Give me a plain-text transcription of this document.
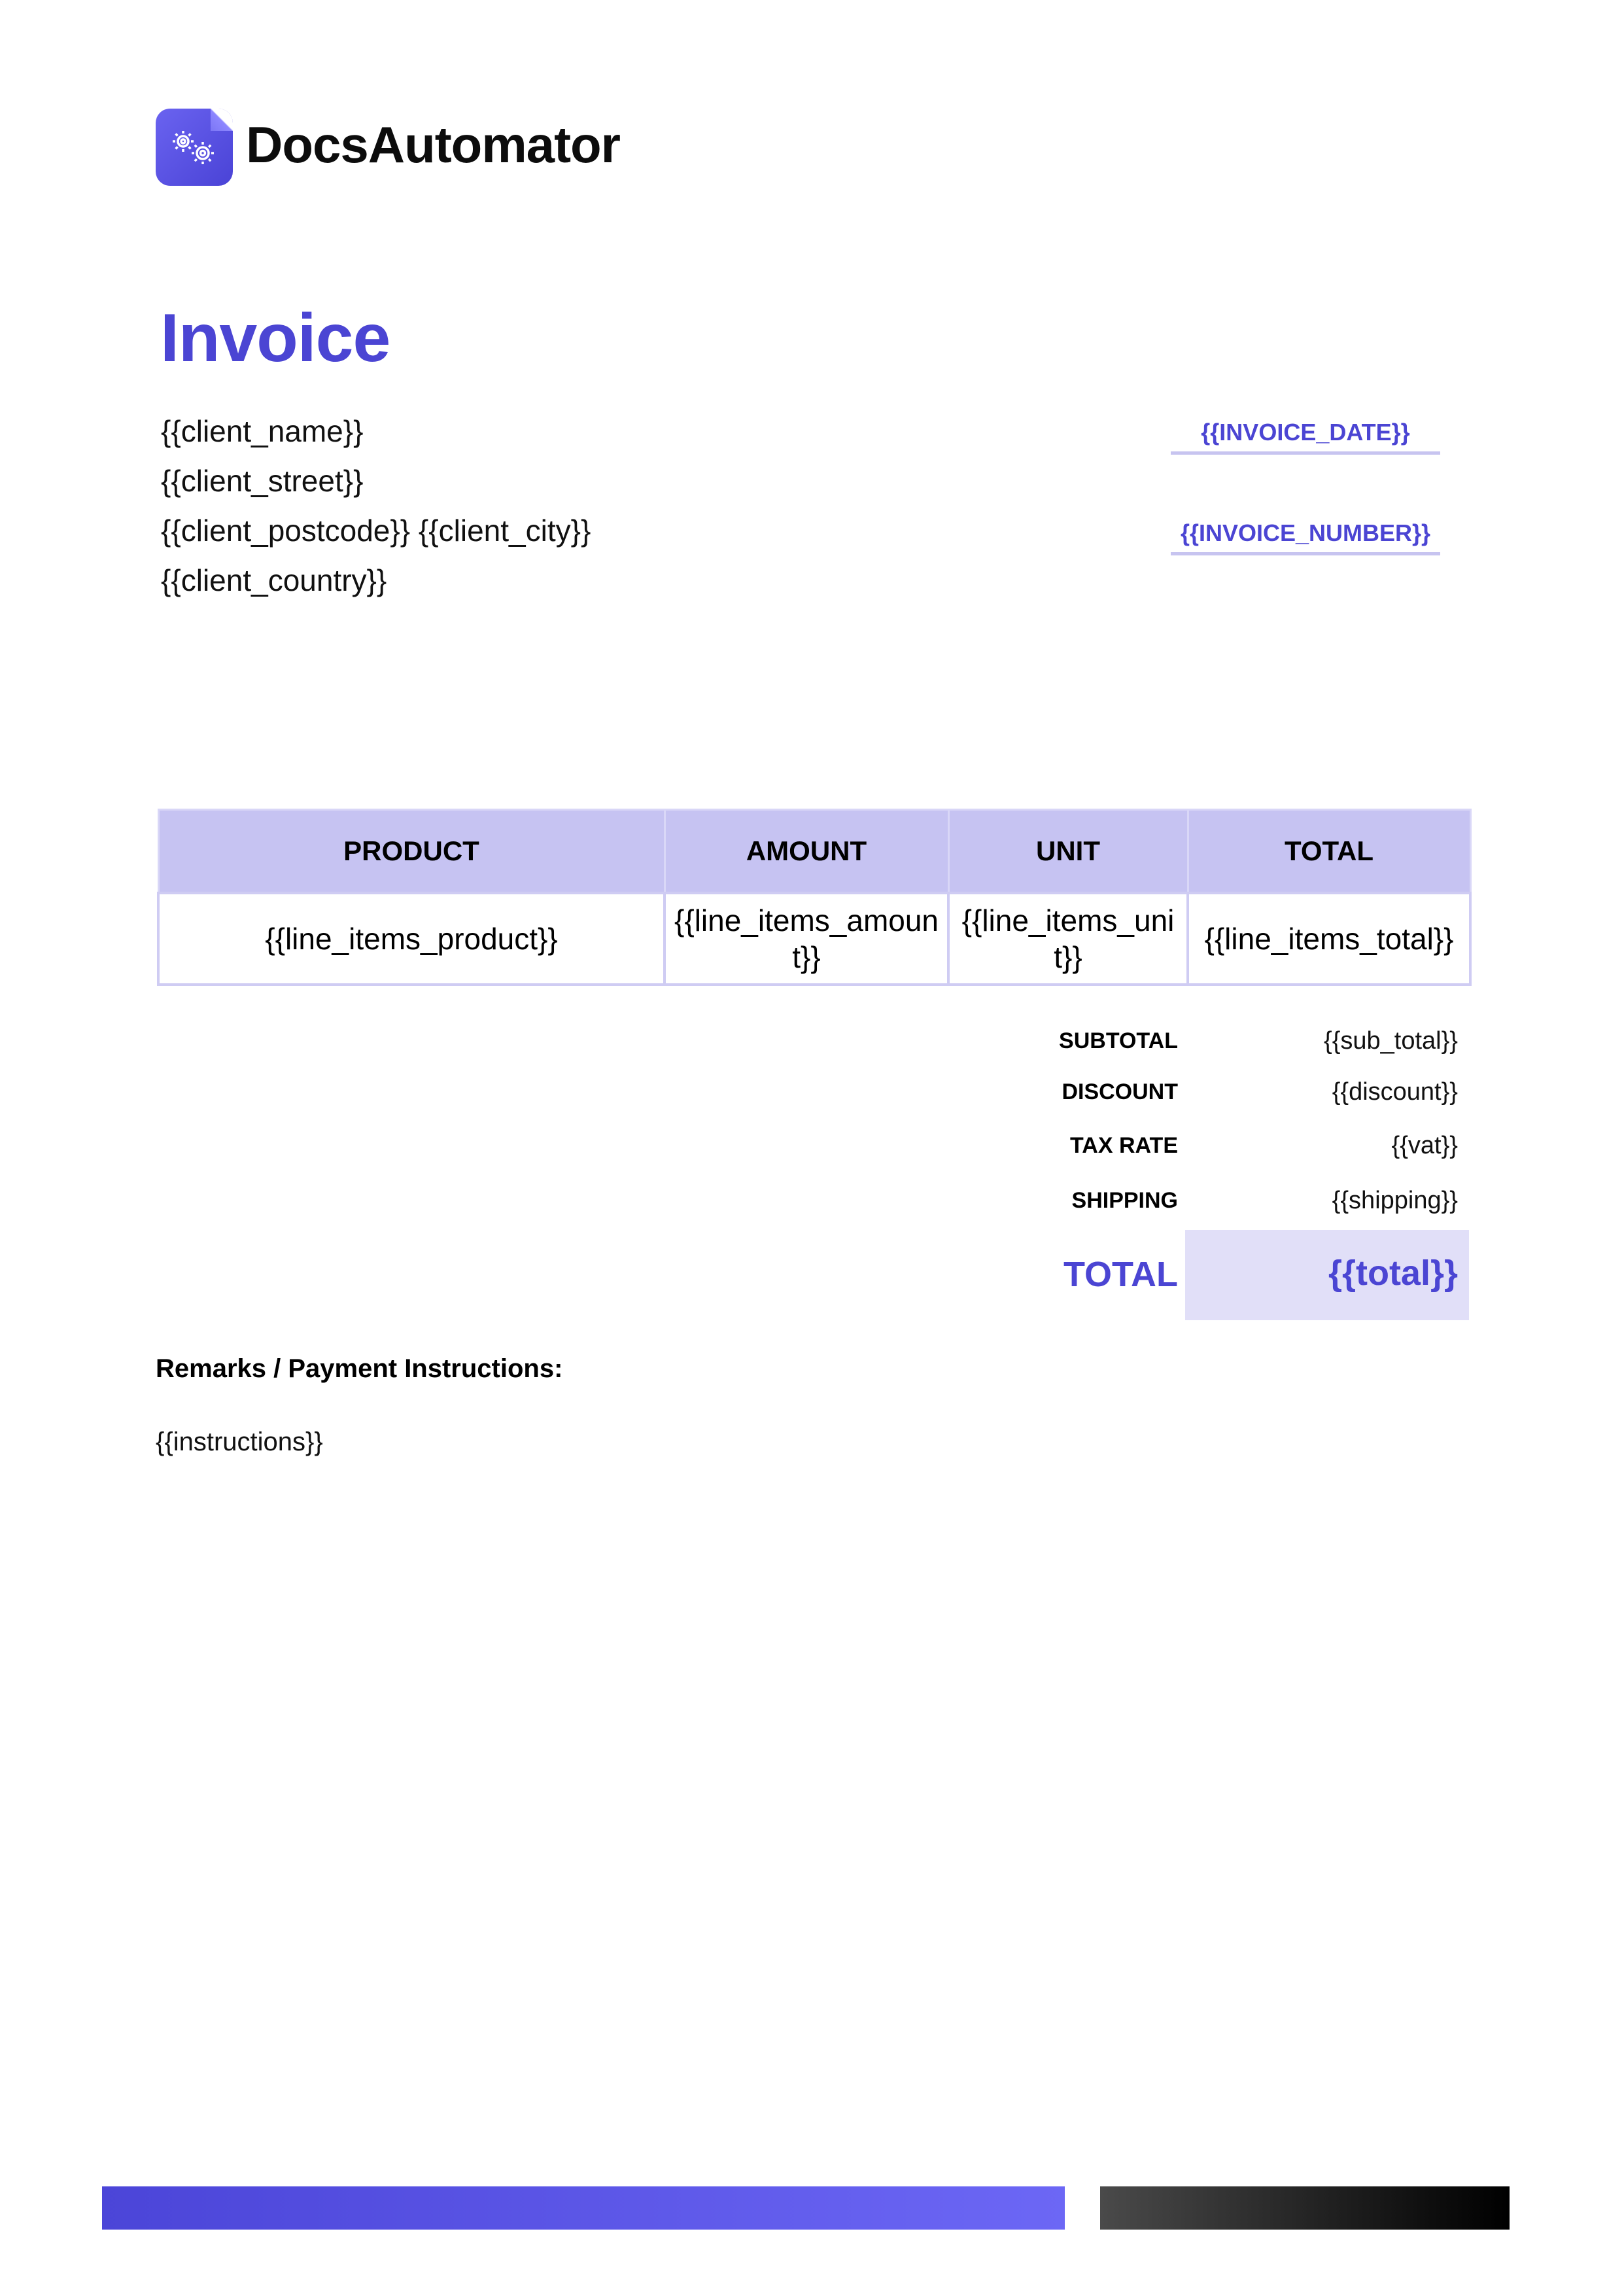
DocsAutomator
Invoice
{{client_name}}
{{client_street}}
{{client_postcode}} {{client_city}}
{{client_country}}
{{INVOICE_DATE}}
{{INVOICE_NUMBER}}
PRODUCT	AMOUNT	UNIT	TOTAL
{{line_items_product}}	{{line_items_amount}}	{{line_items_unit}}	{{line_items_total}}
SUBTOTAL	{{sub_total}}
DISCOUNT	{{discount}}
TAX RATE	{{vat}}
SHIPPING	{{shipping}}
TOTAL	{{total}}
Remarks / Payment Instructions:
{{instructions}}
